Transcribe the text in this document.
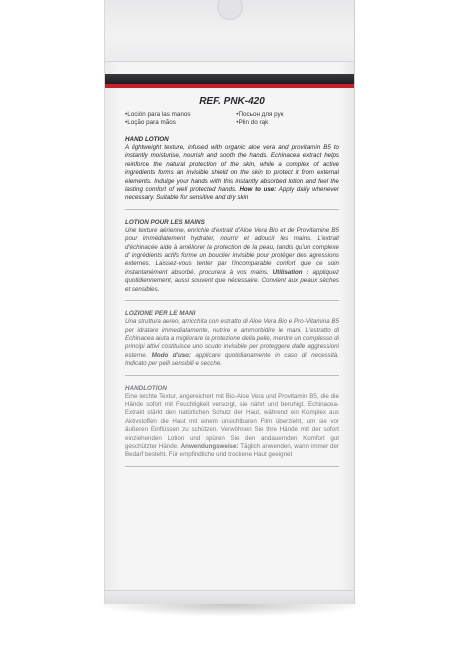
REF. PNK-420
•Loción para las manos
•Loção para mãos
•Посьон для рук
•Płin do rąk
HAND LOTION
A lightweight texture, infused with organic aloe vera and provitamin B5 to instantly moisturise, nourish and sooth the hands. Echinacea extract helps reinforce the natural protection of the skin, while a complex of active ingredients forms an invisible shield on the skin to protect it from external elements. Indulge your hands with this instantly absorbed lotion and feel the lasting comfort of well protected hands. How to use: Apply daily whenever necessary. Suitable for sensitive and dry skin
LOTION POUR LES MAINS
Une texture aérienne, enrichie d'extrait d'Aloe Vera Bio et de Provitamine B5 pour immédiatement hydrater, nourrir et adoucir les mains. L'extrait d'échinacée aide à améliorer la protection de la peau, tandis qu'un complexe d' ingrédients actifs forme un bouclier invisible pour protéger des agressions externes. Laissez-vous tenter par l'incomparable confort que ce soin instantanément absorbé, procurera à vos mains. Utilisation : appliquez quotidiennement, aussi souvent que nécessaire. Convient aux peaux sèches et sensibles.
LOZIONE PER LE MANI
Una struttura aereo, arricchita con estratto di Aloe Vera Bio e Pro-Vitamina B5 per idratare immediatamente, nutrire e ammorbidire le mani. L'estratto di Echinacea aiuta a migliorare la protezione della pelle, mentre un complesso di principi attivi costituisce uno scudo invisibile per proteggere dalle aggressioni esterne. Modo d'uso: applicare quotidianamente in caso di necessità. Indicato per pelli sensibili e secche.
HANDLOTION
Eine leichte Textur, angereichert mit Bio-Aloe Vera und Provitamin B5, die die Hände sofort mit Feuchtigkeit versorgt, sie nährt und beruhigt. Echinacea-Extrakt stärkt den natürlichen Schutz der Haut, während ein Komplex aus Aktivstoffen die Haut mit einem unsichtbaren Film überzieht, um sie vor äußeren Einflüssen zu schützen. Verwöhnen Sie Ihre Hände mit der sofort einziehenden Lotion und spüren Sie den andauernden Komfort gut geschützter Hände. Anwendungsweise: Täglich anwenden, wann immer der Bedarf besteht. Für empfindliche und trockene Haut geeignet
